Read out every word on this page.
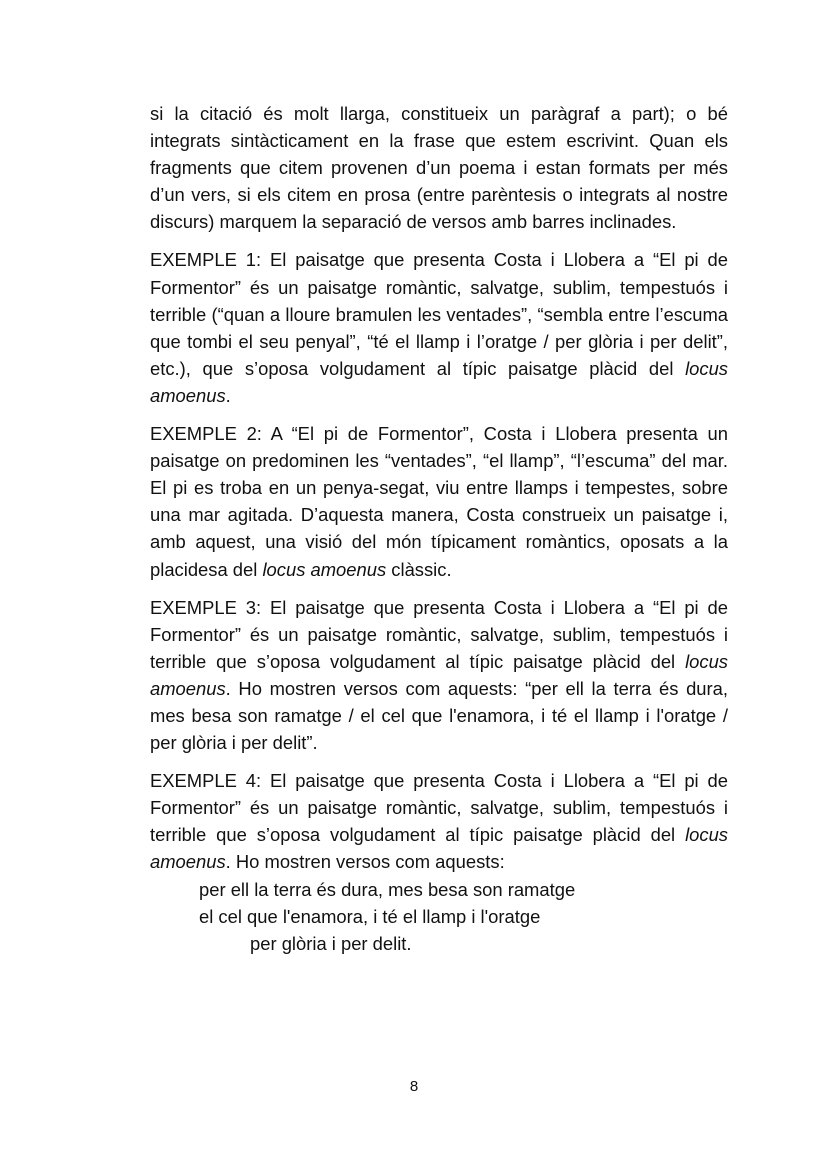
si la citació és molt llarga, constitueix un paràgraf a part); o bé integrats sintàcticament en la frase que estem escrivint. Quan els fragments que citem provenen d’un poema i estan formats per més d’un vers, si els citem en prosa (entre parèntesis o integrats al nostre discurs) marquem la separació de versos amb barres inclinades.

EXEMPLE 1: El paisatge que presenta Costa i Llobera a “El pi de Formentor” és un paisatge romàntic, salvatge, sublim, tempestuós i terrible (“quan a lloure bramulen les ventades”, “sembla entre l’escuma que tombi el seu penyal”, “té el llamp i l’oratge / per glòria i per delit”, etc.), que s’oposa volgudament al típic paisatge plàcid del locus amoenus.

EXEMPLE 2: A “El pi de Formentor”, Costa i Llobera presenta un paisatge on predominen les “ventades”, “el llamp”, “l’escuma” del mar. El pi es troba en un penya-segat, viu entre llamps i tempestes, sobre una mar agitada. D’aquesta manera, Costa construeix un paisatge i, amb aquest, una visió del món típicament romàntics, oposats a la placidesa del locus amoenus clàssic.

EXEMPLE 3: El paisatge que presenta Costa i Llobera a “El pi de Formentor” és un paisatge romàntic, salvatge, sublim, tempestuós i terrible que s’oposa volgudament al típic paisatge plàcid del locus amoenus. Ho mostren versos com aquests: “per ell la terra és dura, mes besa son ramatge / el cel que l'enamora, i té el llamp i l'oratge / per glòria i per delit”.

EXEMPLE 4: El paisatge que presenta Costa i Llobera a “El pi de Formentor” és un paisatge romàntic, salvatge, sublim, tempestuós i terrible que s’oposa volgudament al típic paisatge plàcid del locus amoenus. Ho mostren versos com aquests:

per ell la terra és dura, mes besa son ramatge

el cel que l'enamora, i té el llamp i l'oratge

per glòria i per delit.

8
